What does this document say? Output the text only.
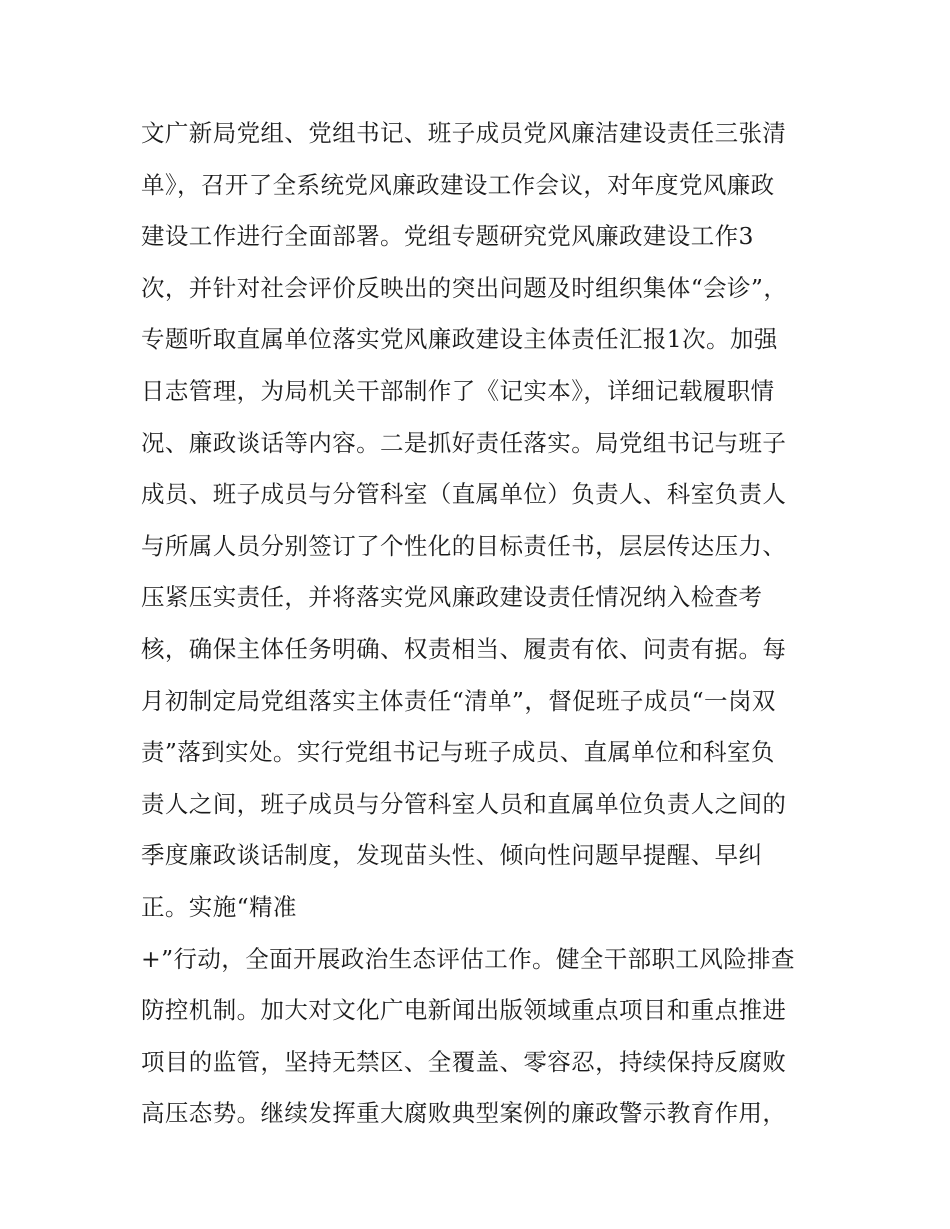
文广新局党组、党组书记、班子成员党风廉洁建设责任三张清
单》，召开了全系统党风廉政建设工作会议，对年度党风廉政
建设工作进行全面部署。党组专题研究党风廉政建设工作3
次，并针对社会评价反映出的突出问题及时组织集体“会诊”，
专题听取直属单位落实党风廉政建设主体责任汇报1次。加强
日志管理，为局机关干部制作了《记实本》，详细记载履职情
况、廉政谈话等内容。二是抓好责任落实。局党组书记与班子
成员、班子成员与分管科室（直属单位）负责人、科室负责人
与所属人员分别签订了个性化的目标责任书，层层传达压力、
压紧压实责任，并将落实党风廉政建设责任情况纳入检查考
核，确保主体任务明确、权责相当、履责有依、问责有据。每
月初制定局党组落实主体责任“清单”，督促班子成员“一岗双
责”落到实处。实行党组书记与班子成员、直属单位和科室负
责人之间，班子成员与分管科室人员和直属单位负责人之间的
季度廉政谈话制度，发现苗头性、倾向性问题早提醒、早纠
正。实施“精准
+”行动，全面开展政治生态评估工作。健全干部职工风险排查
防控机制。加大对文化广电新闻出版领域重点项目和重点推进
项目的监管，坚持无禁区、全覆盖、零容忍，持续保持反腐败
高压态势。继续发挥重大腐败典型案例的廉政警示教育作用，
